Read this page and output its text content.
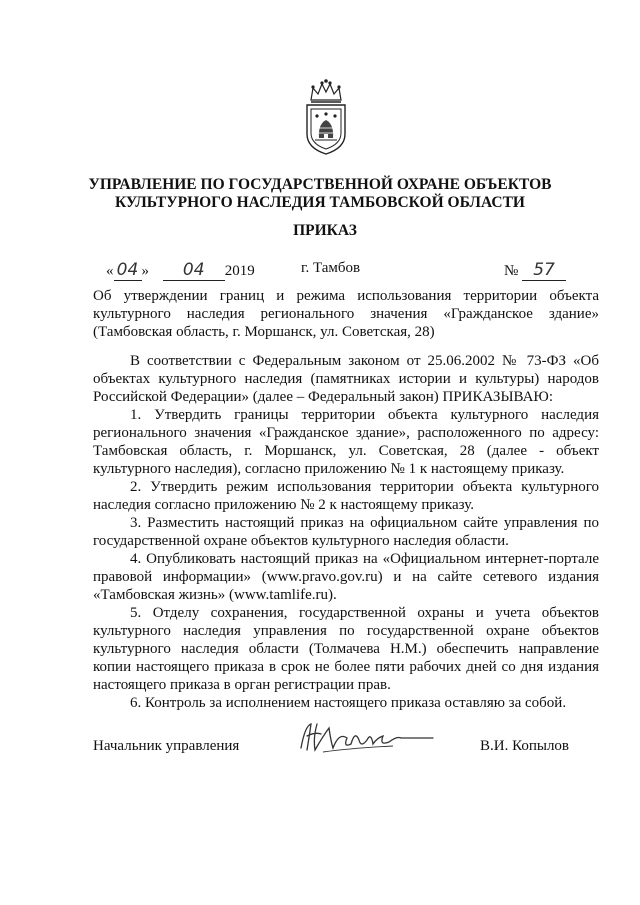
УПРАВЛЕНИЕ ПО ГОСУДАРСТВЕННОЙ ОХРАНЕ ОБЪЕКТОВ
КУЛЬТУРНОГО НАСЛЕДИЯ ТАМБОВСКОЙ ОБЛАСТИ
ПРИКАЗ
« 04 » 04 2019	г. Тамбов	№ 57
Об утверждении границ и режима использования территории объекта
культурного наследия регионального значения «Гражданское здание»
(Тамбовская область, г. Моршанск, ул. Советская, 28)
В соответствии с Федеральным законом от 25.06.2002 № 73-ФЗ «Об
объектах культурного наследия (памятниках истории и культуры) народов
Российской Федерации» (далее – Федеральный закон) ПРИКАЗЫВАЮ:
1. Утвердить границы территории объекта культурного наследия
регионального значения «Гражданское здание», расположенного по адресу:
Тамбовская область, г. Моршанск, ул. Советская, 28 (далее - объект
культурного наследия), согласно приложению № 1 к настоящему приказу.
2. Утвердить режим использования территории объекта культурного
наследия согласно приложению № 2 к настоящему приказу.
3. Разместить настоящий приказ на официальном сайте управления по
государственной охране объектов культурного наследия области.
4. Опубликовать настоящий приказ на «Официальном интернет-портале
правовой информации» (www.pravo.gov.ru) и на сайте сетевого издания
«Тамбовская жизнь» (www.tamlife.ru).
5. Отделу сохранения, государственной охраны и учета объектов
культурного наследия управления по государственной охране объектов
культурного наследия области (Толмачева Н.М.) обеспечить направление
копии настоящего приказа в срок не более пяти рабочих дней со дня издания
настоящего приказа в орган регистрации прав.
6. Контроль за исполнением настоящего приказа оставляю за собой.
Начальник управления	В.И. Копылов
